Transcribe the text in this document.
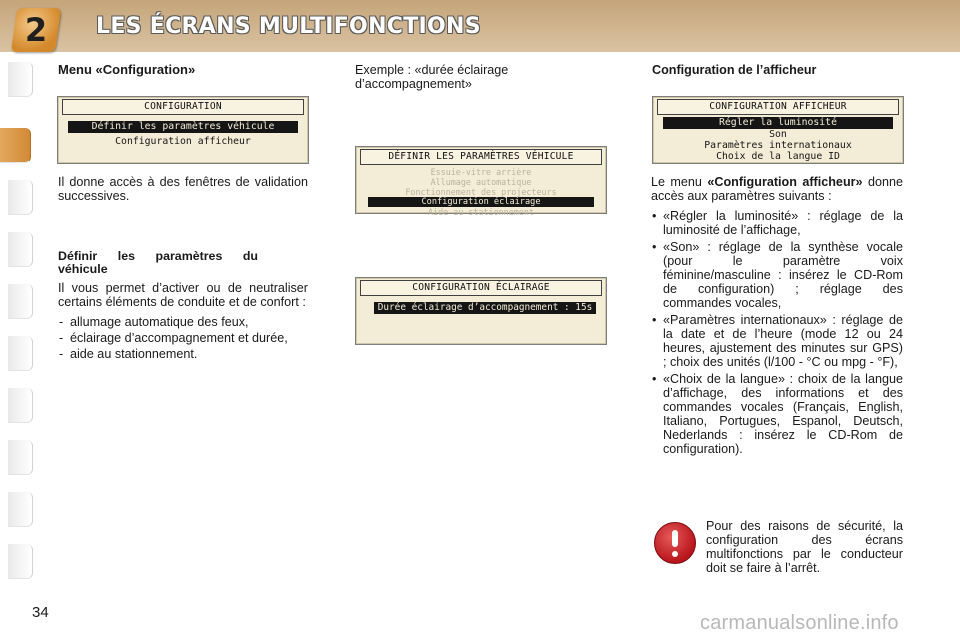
2	LES ÉCRANS MULTIFONCTIONS
Menu «Configuration»
CONFIGURATION
Définir les paramètres véhicule
Configuration afficheur

Il donne accès à des fenêtres de validation successives.

Définir les paramètres du véhicule

Il vous permet d’activer ou de neutraliser certains éléments de conduite et de confort :

- allumage automatique des feux,
- éclairage d’accompagnement et durée,
- aide au stationnement.

Exemple : «durée éclairage d’accompagnement»

DÉFINIR LES PARAMÈTRES VÉHICULE
Essuie-vitre arrière
Allumage automatique
Fonctionnement des projecteurs
Configuration éclairage
Aide au stationnement
CONFIGURATION ÉCLAIRAGE
Durée éclairage d’accompagnement : 15s
Configuration de l’afficheur
CONFIGURATION AFFICHEUR
Régler la luminosité
Son
Paramètres internationaux
Choix de la langue ID

Le menu «Configuration afficheur» donne accès aux paramètres suivants :

• «Régler la luminosité» : réglage de la luminosité de l’affichage,
• «Son» : réglage de la synthèse vocale (pour le paramètre voix féminine/masculine : insérez le CD-Rom de configuration) ; réglage des commandes vocales,
• «Paramètres internationaux» : réglage de la date et de l’heure (mode 12 ou 24 heures, ajustement des minutes sur GPS) ; choix des unités (l/100 - °C ou mpg - °F),
• «Choix de la langue» : choix de la langue d’affichage, des informations et des commandes vocales (Français, English, Italiano, Portugues, Espanol, Deutsch, Nederlands : insérez le CD-Rom de configuration).

Pour des raisons de sécurité, la configuration des écrans multifonctions par le conducteur doit se faire à l’arrêt.

34	carmanualsonline.info
